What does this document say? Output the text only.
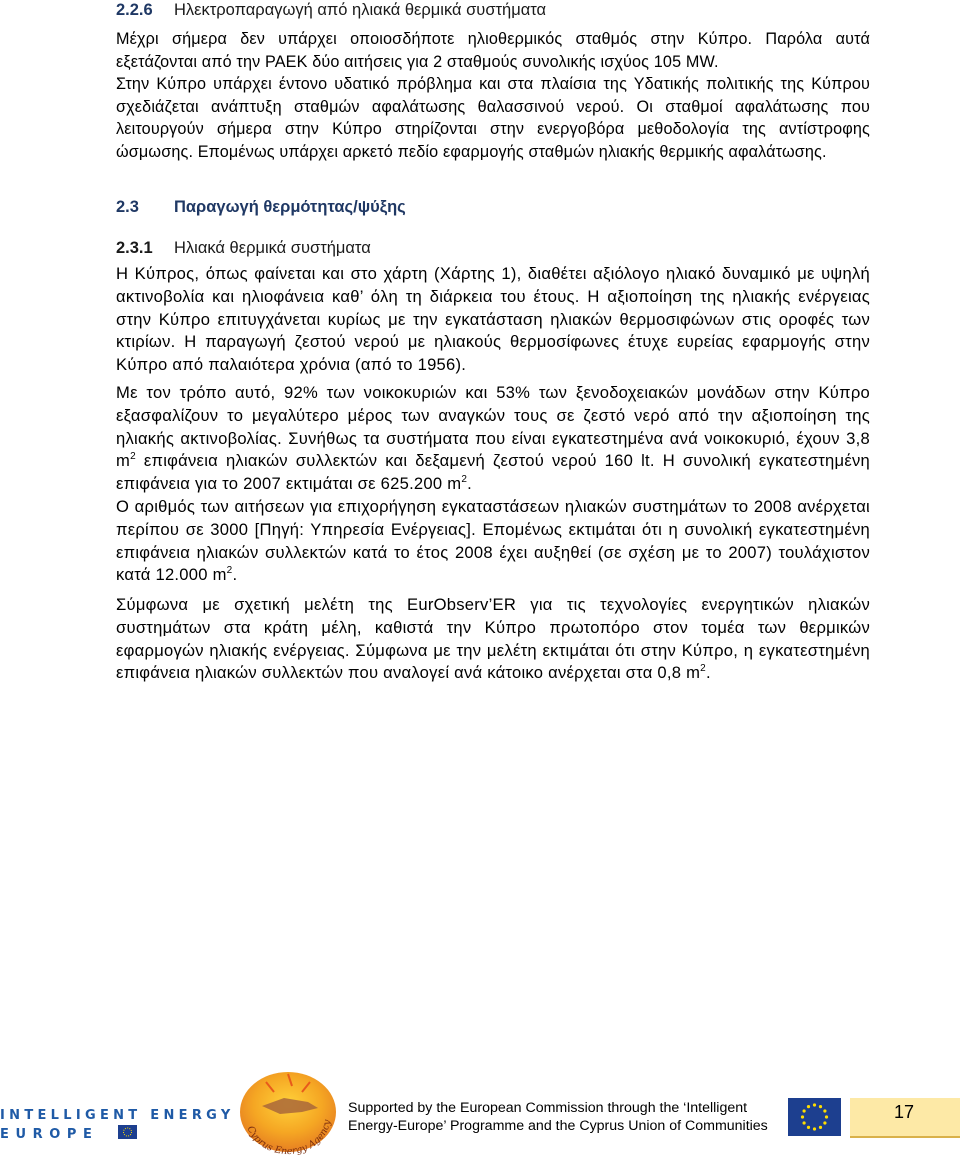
2.2.6 Ηλεκτροπαραγωγή από ηλιακά θερμικά συστήματα
Μέχρι σήμερα δεν υπάρχει οποιοσδήποτε ηλιοθερμικός σταθμός στην Κύπρο. Παρόλα αυτά εξετάζονται από την ΡΑΕΚ δύο αιτήσεις για 2 σταθμούς συνολικής ισχύος 105 MW.
Στην Κύπρο υπάρχει έντονο υδατικό πρόβλημα και στα πλαίσια της Υδατικής πολιτικής της Κύπρου σχεδιάζεται ανάπτυξη σταθμών αφαλάτωσης θαλασσινού νερού. Οι σταθμοί αφαλάτωσης που λειτουργούν σήμερα στην Κύπρο στηρίζονται στην ενεργοβόρα μεθοδολογία της αντίστροφης ώσμωσης. Επομένως υπάρχει αρκετό πεδίο εφαρμογής σταθμών ηλιακής θερμικής αφαλάτωσης.
2.3 Παραγωγή θερμότητας/ψύξης
2.3.1 Ηλιακά θερμικά συστήματα
Η Κύπρος, όπως φαίνεται και στο χάρτη (Χάρτης 1), διαθέτει αξιόλογο ηλιακό δυναμικό με υψηλή ακτινοβολία και ηλιοφάνεια καθ’ όλη τη διάρκεια του έτους. Η αξιοποίηση της ηλιακής ενέργειας στην Κύπρο επιτυγχάνεται κυρίως με την εγκατάσταση ηλιακών θερμοσιφώνων στις οροφές των κτιρίων. Η παραγωγή ζεστού νερού με ηλιακούς θερμοσίφωνες έτυχε ευρείας εφαρμογής στην Κύπρο από παλαιότερα χρόνια (από το 1956).
Με τον τρόπο αυτό, 92% των νοικοκυριών και 53% των ξενοδοχειακών μονάδων στην Κύπρο εξασφαλίζουν το μεγαλύτερο μέρος των αναγκών τους σε ζεστό νερό από την αξιοποίηση της ηλιακής ακτινοβολίας. Συνήθως τα συστήματα που είναι εγκατεστημένα ανά νοικοκυριό, έχουν 3,8 $m^2$ επιφάνεια ηλιακών συλλεκτών και δεξαμενή ζεστού νερού 160 lt. Η συνολική εγκατεστημένη επιφάνεια για το 2007 εκτιμάται σε 625.200 $m^2$.
Ο αριθμός των αιτήσεων για επιχορήγηση εγκαταστάσεων ηλιακών συστημάτων το 2008 ανέρχεται περίπου σε 3000 [Πηγή: Υπηρεσία Ενέργειας]. Επομένως εκτιμάται ότι η συνολική εγκατεστημένη επιφάνεια ηλιακών συλλεκτών κατά το έτος 2008 έχει αυξηθεί (σε σχέση με το 2007) τουλάχιστον κατά 12.000 $m^2$.
Σύμφωνα με σχετική μελέτη της EurObserv’ER για τις τεχνολογίες ενεργητικών ηλιακών συστημάτων στα κράτη μέλη, καθιστά την Κύπρο πρωτοπόρο στον τομέα των θερμικών εφαρμογών ηλιακής ενέργειας. Σύμφωνα με την μελέτη εκτιμάται ότι στην Κύπρο, η εγκατεστημένη επιφάνεια ηλιακών συλλεκτών που αναλογεί ανά κάτοικο ανέρχεται στα 0,8 $m^2$.
INTELLIGENT ENERGY
EUROPE	Cyprus Energy Agency
Supported by the European Commission through the ‘Intelligent
Energy-Europe’ Programme and the Cyprus Union of Communities
17
